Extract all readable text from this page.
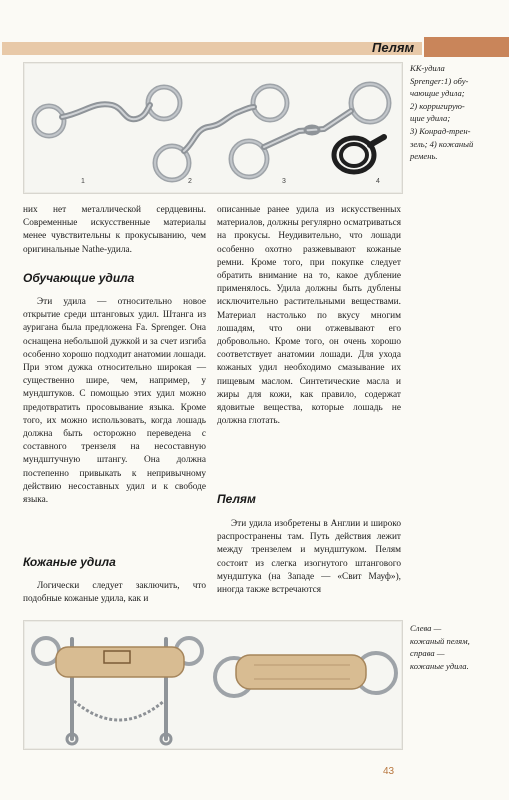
Пелям
1	2	3	4
КК-удила
Sprenger:1) обу-
чающие удила;
2) корригирую-
щие удила;
3) Конрад-трен-
зель; 4) кожаный
ремень.

них нет металлической сердцевины. Современные искусственные материалы менее чувствительны к прокусыванию, чем оригинальные Nathe-удила.

Обучающие удила

Эти удила — относительно новое открытие среди штанговых удил. Штанга из ауригана была предложена Fa. Sprenger. Она оснащена небольшой дужкой и за счет изгиба особенно хорошо подходит анатомии лошади. При этом дужка относительно широкая — существенно шире, чем, например, у мундштуков. С помощью этих удил можно предотвратить просовывание языка. Кроме того, их можно использовать, когда лошадь должна быть осторожно переведена с составного трензеля на несоставную мундштучную штангу. Она должна постепенно привыкать к непривычному действию несоставных удил и к свободе языка.

Кожаные удила

Логически следует заключить, что подобные кожаные удила, как и

описанные ранее удила из искусственных материалов, должны регулярно осматриваться на прокусы. Неудивительно, что лошади особенно охотно разжевывают кожаные ремни. Кроме того, при покупке следует обратить внимание на то, какое дубление применялось. Удила должны быть дублены исключительно растительными веществами. Материал настолько по вкусу многим лошадям, что они отжевывают его добровольно. Кроме того, он очень хорошо соответствует анатомии лошади. Для ухода кожаных удил необходимо смазывание их пищевым маслом. Синтетические масла и жиры для кожи, как правило, содержат ядовитые вещества, которые лошадь не должна глотать.

Пелям

Эти удила изобретены в Англии и широко распространены там. Путь действия лежит между трензелем и мундштуком. Пелям состоит из слегка изогнутого штангового мундштука (на Западе — «Свит Мауф»), иногда также встречаются

Слева —
кожаный пелям,
справа —
кожаные удила.
43
